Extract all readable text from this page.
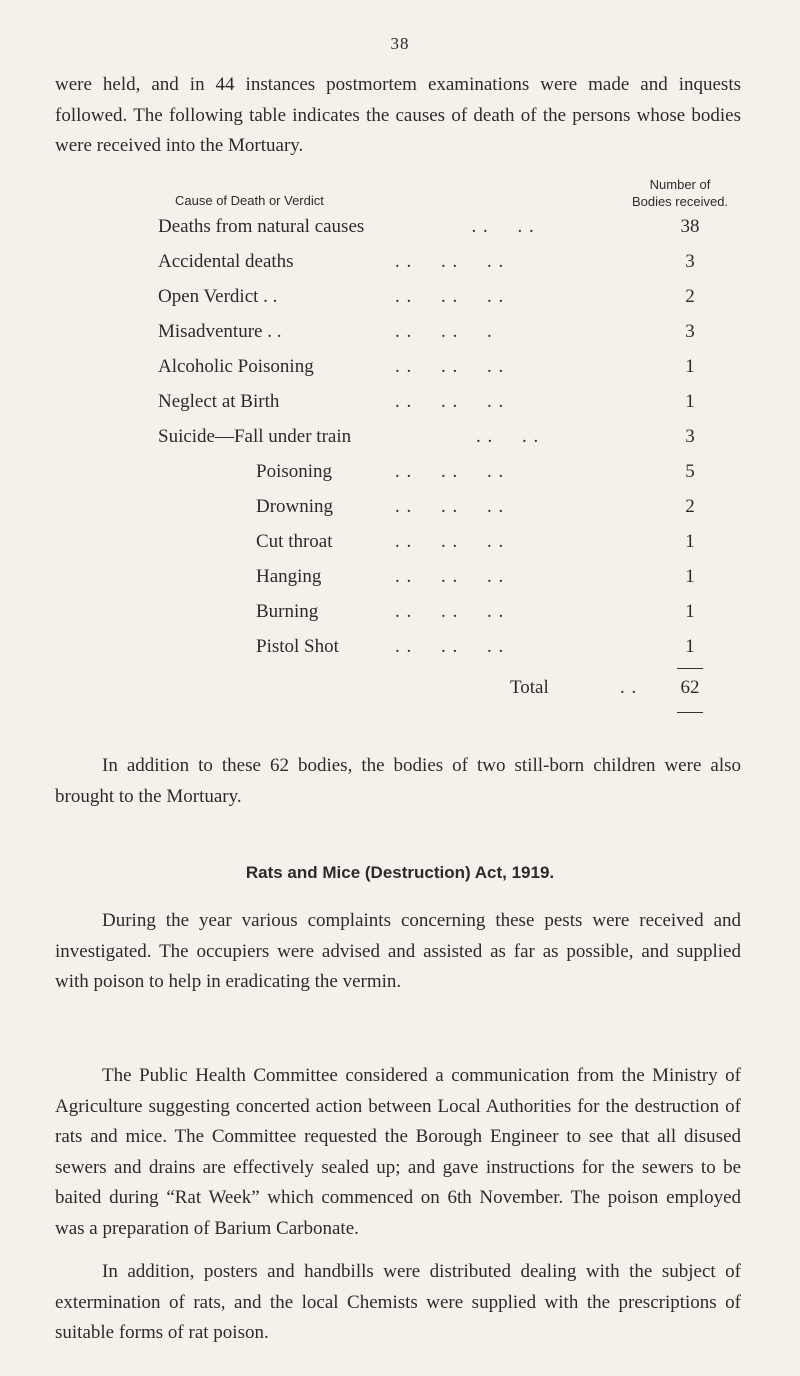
38

were held, and in 44 instances postmortem examinations were made and inquests followed. The following table indicates the causes of death of the persons whose bodies were received into the Mortuary.

Cause of Death or Verdict
Number of
Bodies received.
Deaths from natural causes	. .     . .	38
Accidental deaths	. .     . .     . .	3
Open Verdict . .	. .     . .     . .	2
Misadventure . .	. .     . .     .	3
Alcoholic Poisoning	. .     . .     . .	1
Neglect at Birth	. .     . .     . .	1
Suicide—Fall under train	. .     . .	3
Poisoning	. .     . .     . .	5
Drowning	. .     . .     . .	2
Cut throat	. .     . .     . .	1
Hanging	. .     . .     . .	1
Burning	. .     . .     . .	1
Pistol Shot	. .     . .     . .	1
Total	. .	62

In addition to these 62 bodies, the bodies of two still-born children were also brought to the Mortuary.

Rats and Mice (Destruction) Act, 1919.

During the year various complaints concerning these pests were received and investigated. The occupiers were advised and assisted as far as possible, and supplied with poison to help in eradicating the vermin.

The Public Health Committee considered a communication from the Ministry of Agriculture suggesting concerted action between Local Authorities for the destruction of rats and mice. The Committee requested the Borough Engineer to see that all disused sewers and drains are effectively sealed up; and gave instructions for the sewers to be baited during “Rat Week” which commenced on 6th November. The poison employed was a preparation of Barium Carbonate.

In addition, posters and handbills were distributed dealing with the subject of extermination of rats, and the local Chemists were supplied with the prescriptions of suitable forms of rat poison.
